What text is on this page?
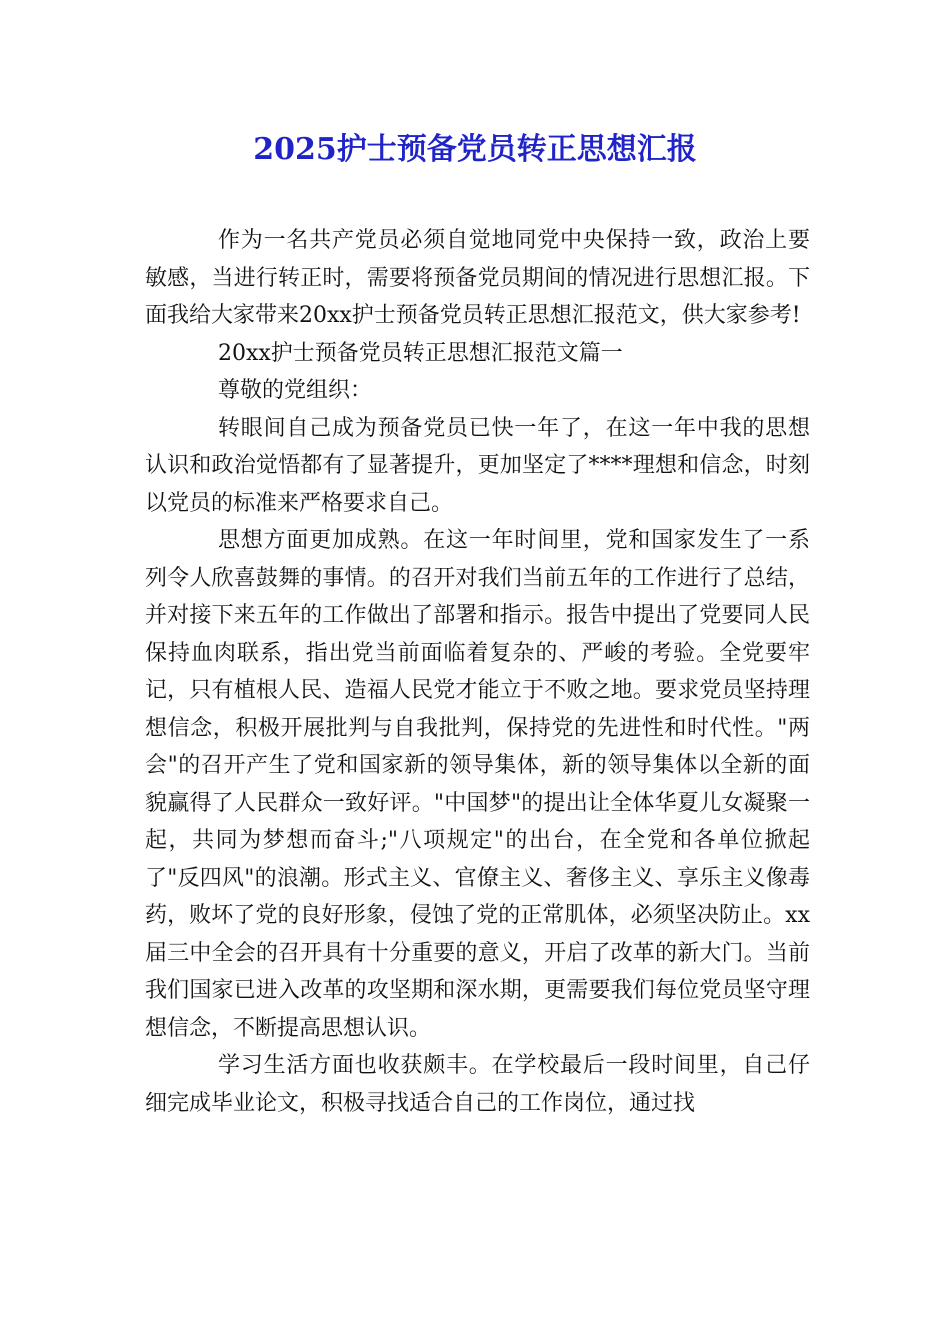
2025护士预备党员转正思想汇报

作为一名共产党员必须自觉地同党中央保持一致，政治上要敏感，当进行转正时，需要将预备党员期间的情况进行思想汇报。下面我给大家带来20xx护士预备党员转正思想汇报范文，供大家参考!

20xx护士预备党员转正思想汇报范文篇一

尊敬的党组织：

转眼间自己成为预备党员已快一年了，在这一年中我的思想认识和政治觉悟都有了显著提升，更加坚定了****理想和信念，时刻以党员的标准来严格要求自己。

思想方面更加成熟。在这一年时间里，党和国家发生了一系列令人欣喜鼓舞的事情。的召开对我们当前五年的工作进行了总结，并对接下来五年的工作做出了部署和指示。报告中提出了党要同人民保持血肉联系，指出党当前面临着复杂的、严峻的考验。全党要牢记，只有植根人民、造福人民党才能立于不败之地。要求党员坚持理想信念，积极开展批判与自我批判，保持党的先进性和时代性。"两会"的召开产生了党和国家新的领导集体，新的领导集体以全新的面貌赢得了人民群众一致好评。"中国梦"的提出让全体华夏儿女凝聚一起，共同为梦想而奋斗;"八项规定"的出台，在全党和各单位掀起了"反四风"的浪潮。形式主义、官僚主义、奢侈主义、享乐主义像毒药，败坏了党的良好形象，侵蚀了党的正常肌体，必须坚决防止。xx届三中全会的召开具有十分重要的意义，开启了改革的新大门。当前我们国家已进入改革的攻坚期和深水期，更需要我们每位党员坚守理想信念，不断提高思想认识。

学习生活方面也收获颇丰。在学校最后一段时间里，自己仔细完成毕业论文，积极寻找适合自己的工作岗位，通过找
